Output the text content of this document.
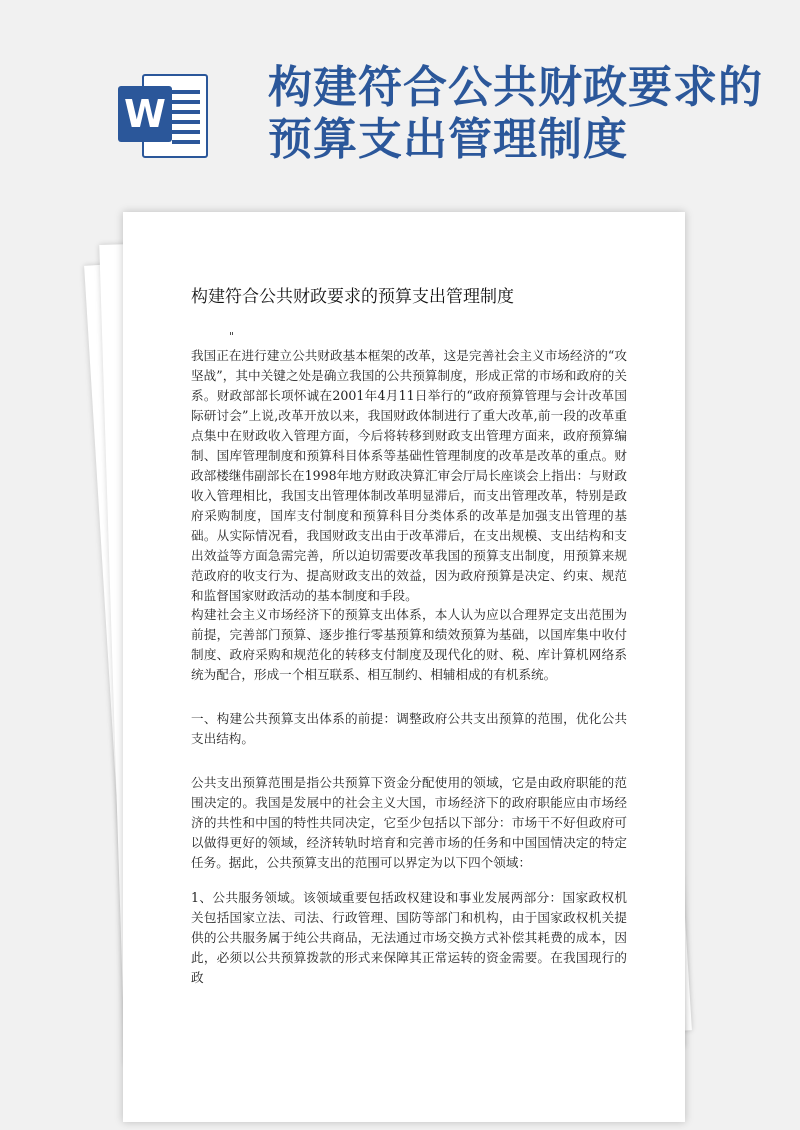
W
构建符合公共财政要求的预算支出管理制度
构建符合公共财政要求的预算支出管理制度
"

我国正在进行建立公共财政基本框架的改革，这是完善社会主义市场经济的“攻坚战”，其中关键之处是确立我国的公共预算制度，形成正常的市场和政府的关系。财政部部长项怀诚在2001年4月11日举行的“政府预算管理与会计改革国际研讨会”上说,改革开放以来，我国财政体制进行了重大改革,前一段的改革重点集中在财政收入管理方面，今后将转移到财政支出管理方面来，政府预算编制、国库管理制度和预算科目体系等基础性管理制度的改革是改革的重点。财政部楼继伟副部长在1998年地方财政决算汇审会厅局长座谈会上指出：与财政收入管理相比，我国支出管理体制改革明显滞后，而支出管理改革，特别是政府采购制度，国库支付制度和预算科目分类体系的改革是加强支出管理的基础。从实际情况看，我国财政支出由于改革滞后，在支出规模、支出结构和支出效益等方面急需完善，所以迫切需要改革我国的预算支出制度，用预算来规范政府的收支行为、提高财政支出的效益，因为政府预算是决定、约束、规范和监督国家财政活动的基本制度和手段。

构建社会主义市场经济下的预算支出体系，本人认为应以合理界定支出范围为前提，完善部门预算、逐步推行零基预算和绩效预算为基础，以国库集中收付制度、政府采购和规范化的转移支付制度及现代化的财、税、库计算机网络系统为配合，形成一个相互联系、相互制约、相辅相成的有机系统。

一、构建公共预算支出体系的前提：调整政府公共支出预算的范围，优化公共支出结构。

公共支出预算范围是指公共预算下资金分配使用的领域，它是由政府职能的范围决定的。我国是发展中的社会主义大国，市场经济下的政府职能应由市场经济的共性和中国的特性共同决定，它至少包括以下部分：市场干不好但政府可以做得更好的领域，经济转轨时培育和完善市场的任务和中国国情决定的特定任务。据此，公共预算支出的范围可以界定为以下四个领域：

1、公共服务领域。该领域重要包括政权建设和事业发展两部分：国家政权机关包括国家立法、司法、行政管理、国防等部门和机构，由于国家政权机关提供的公共服务属于纯公共商品，无法通过市场交换方式补偿其耗费的成本，因此，必须以公共预算拨款的形式来保障其正常运转的资金需要。在我国现行的政
